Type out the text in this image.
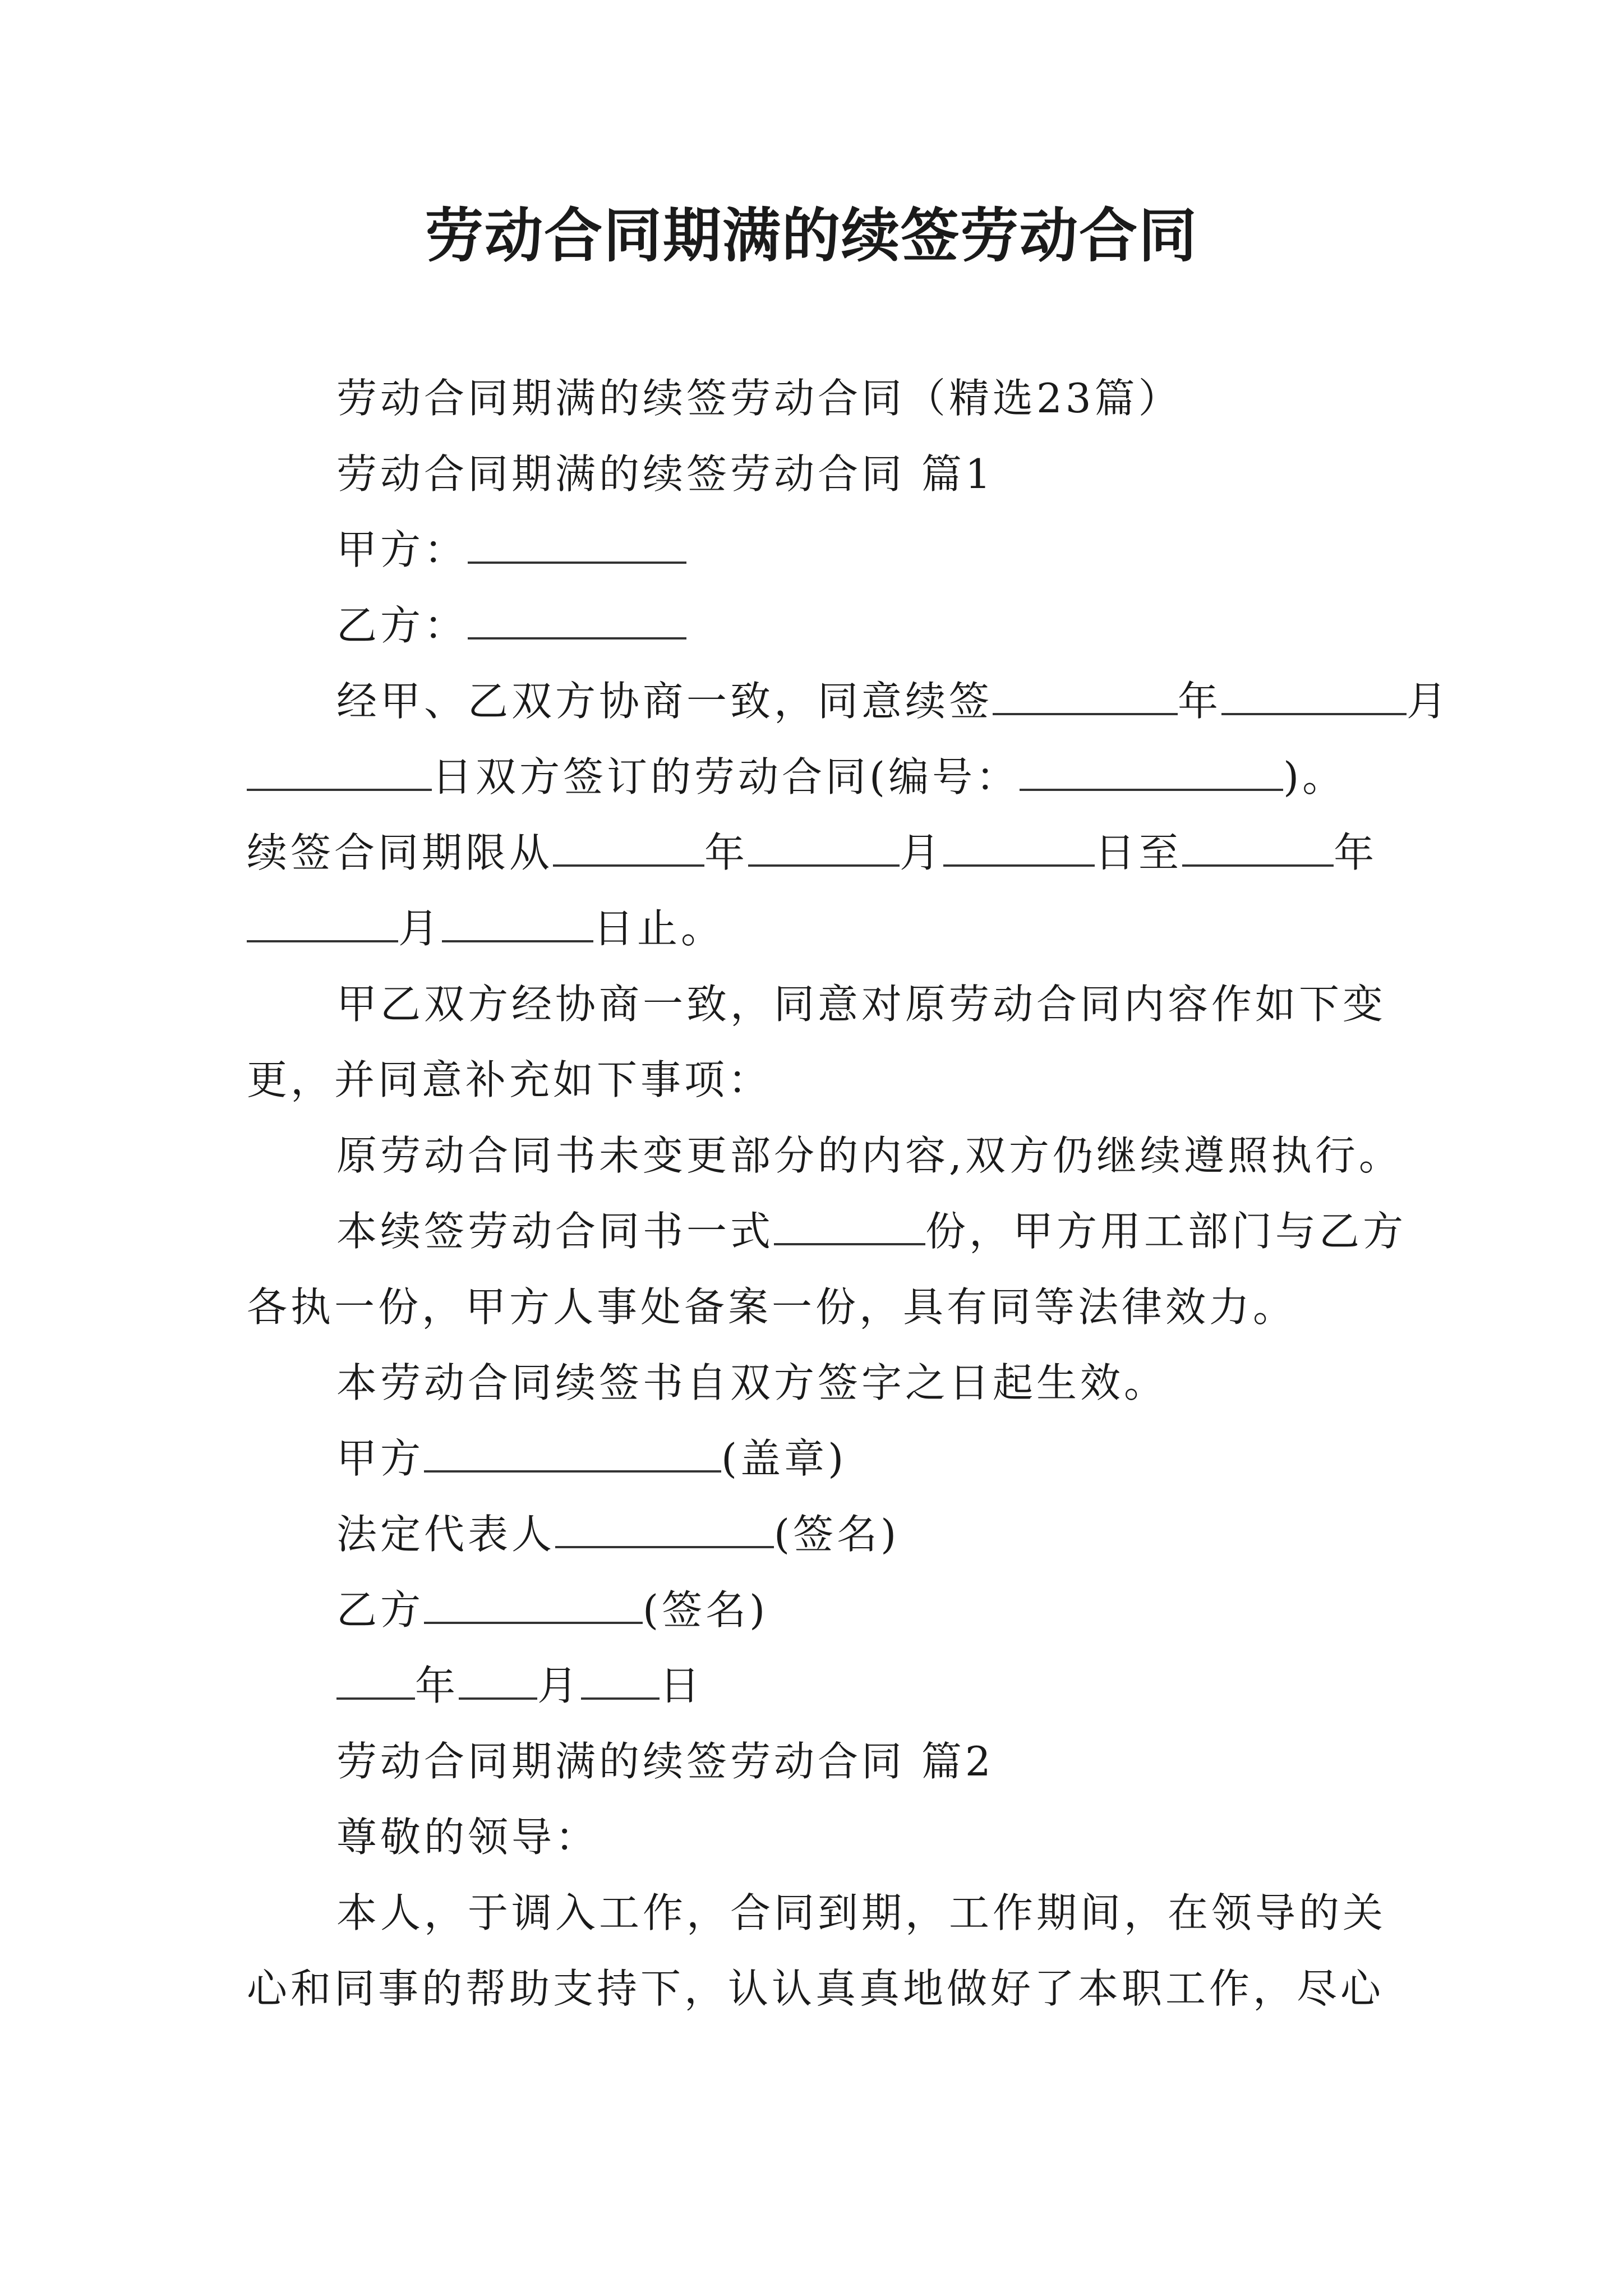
劳动合同期满的续签劳动合同
劳动合同期满的续签劳动合同（精选23篇）
劳动合同期满的续签劳动合同 篇1
甲方：
乙方：
经甲、乙双方协商一致，同意续签	年	月
日双方签订的劳动合同(编号：	)。
续签合同期限从	年	月	日至	年
月	日止。
甲乙双方经协商一致，同意对原劳动合同内容作如下变
更，并同意补充如下事项：
原劳动合同书未变更部分的内容,双方仍继续遵照执行。
本续签劳动合同书一式	份，甲方用工部门与乙方
各执一份，甲方人事处备案一份，具有同等法律效力。
本劳动合同续签书自双方签字之日起生效。
甲方	(盖章)
法定代表人	(签名)
乙方	(签名)
年 月 日
劳动合同期满的续签劳动合同 篇2
尊敬的领导：
本人，于调入工作，合同到期，工作期间，在领导的关
心和同事的帮助支持下，认认真真地做好了本职工作，尽心
